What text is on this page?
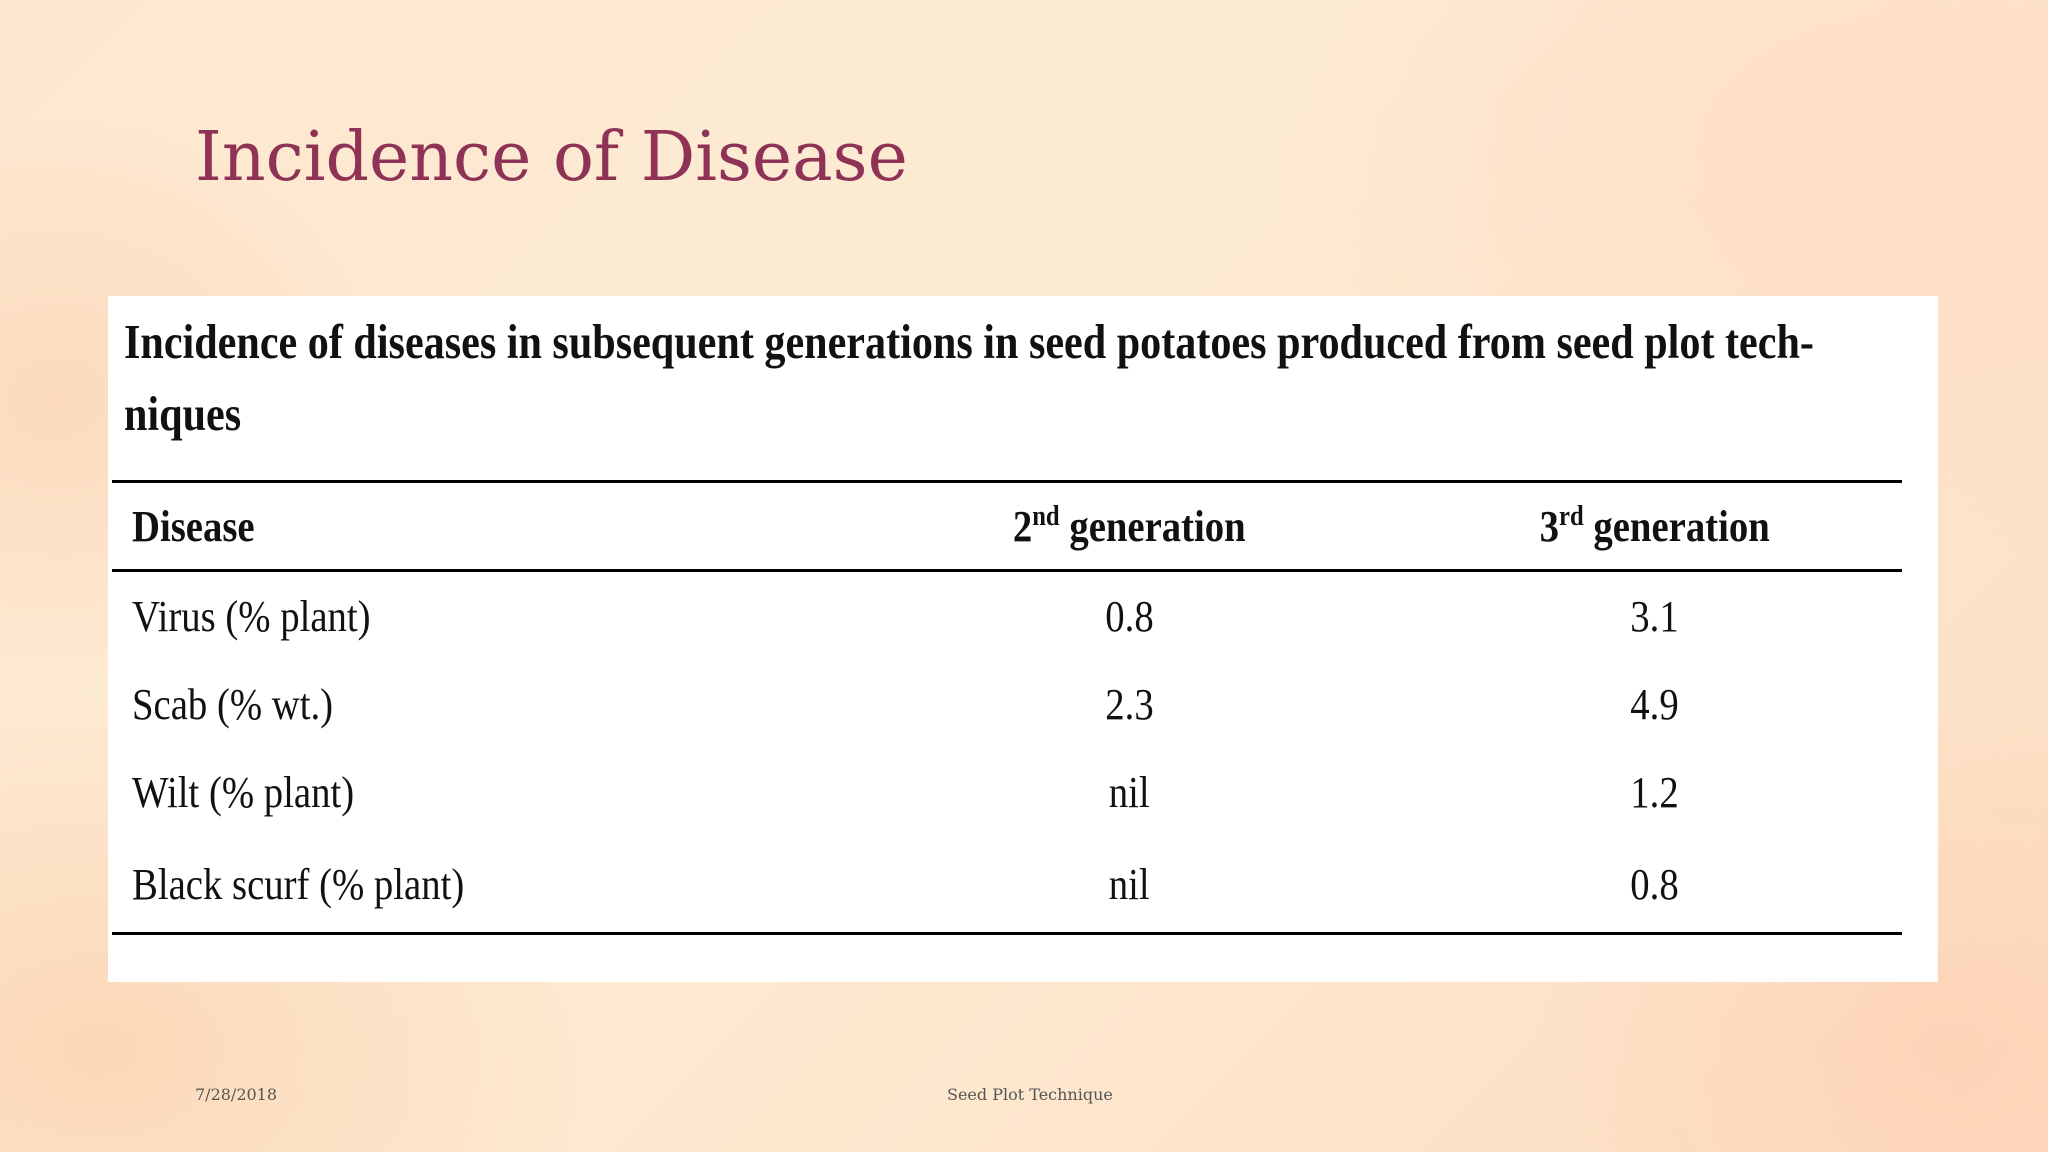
Incidence of Disease

Incidence of diseases in subsequent generations in seed potatoes produced from seed plot tech-niques

Disease	2nd generation	3rd generation
Virus (% plant)	0.8	3.1
Scab (% wt.)	2.3	4.9
Wilt (% plant)	nil	1.2
Black scurf (% plant)	nil	0.8
7/28/2018	Seed Plot Technique
